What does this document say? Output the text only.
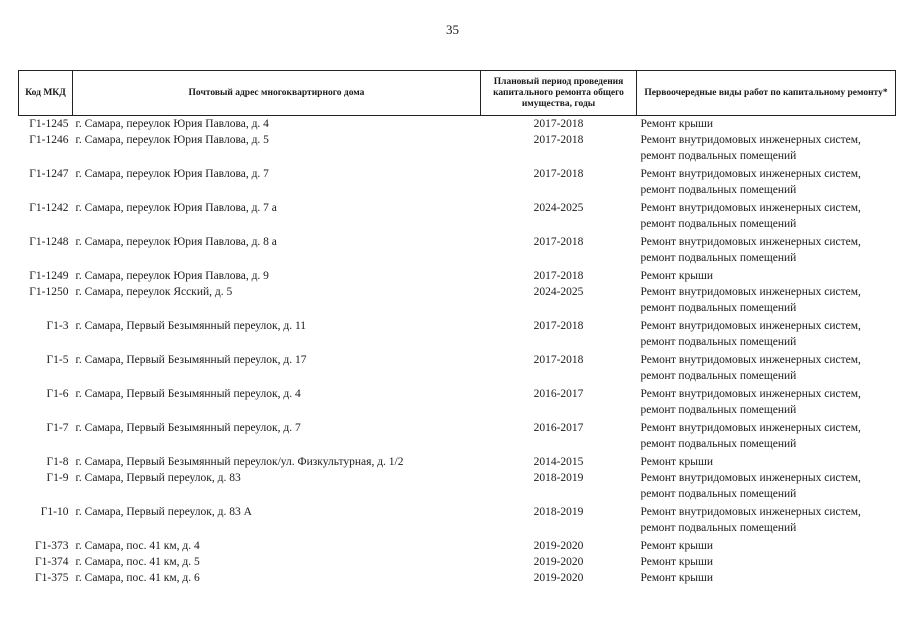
35
Код МКД	Почтовый адрес многоквартирного дома	Плановый период проведения капитального ремонта общего имущества, годы	Первоочередные виды работ по капитальному ремонту*
Г1-1245	г. Самара, переулок Юрия Павлова, д. 4	2017-2018	Ремонт крыши

Г1-1246	г. Самара, переулок Юрия Павлова, д. 5	2017-2018	Ремонт внутридомовых инженерных систем,
ремонт подвальных помещений

Г1-1247	г. Самара, переулок Юрия Павлова, д. 7	2017-2018	Ремонт внутридомовых инженерных систем,
ремонт подвальных помещений

Г1-1242	г. Самара, переулок Юрия Павлова, д. 7 а	2024-2025	Ремонт внутридомовых инженерных систем,
ремонт подвальных помещений

Г1-1248	г. Самара, переулок Юрия Павлова, д. 8 а	2017-2018	Ремонт внутридомовых инженерных систем,
ремонт подвальных помещений

Г1-1249	г. Самара, переулок Юрия Павлова, д. 9	2017-2018	Ремонт крыши

Г1-1250	г. Самара, переулок Ясский, д. 5	2024-2025	Ремонт внутридомовых инженерных систем,
ремонт подвальных помещений

Г1-3	г. Самара, Первый Безымянный переулок, д. 11	2017-2018	Ремонт внутридомовых инженерных систем,
ремонт подвальных помещений

Г1-5	г. Самара, Первый Безымянный переулок, д. 17	2017-2018	Ремонт внутридомовых инженерных систем,
ремонт подвальных помещений

Г1-6	г. Самара, Первый Безымянный переулок, д. 4	2016-2017	Ремонт внутридомовых инженерных систем,
ремонт подвальных помещений

Г1-7	г. Самара, Первый Безымянный переулок, д. 7	2016-2017	Ремонт внутридомовых инженерных систем,
ремонт подвальных помещений

Г1-8	г. Самара, Первый Безымянный переулок/ул. Физкультурная, д. 1/2	2014-2015	Ремонт крыши

Г1-9	г. Самара, Первый переулок, д. 83	2018-2019	Ремонт внутридомовых инженерных систем,
ремонт подвальных помещений

Г1-10	г. Самара, Первый переулок, д. 83 А	2018-2019	Ремонт внутридомовых инженерных систем,
ремонт подвальных помещений

Г1-373	г. Самара, пос. 41 км, д. 4	2019-2020	Ремонт крыши

Г1-374	г. Самара, пос. 41 км, д. 5	2019-2020	Ремонт крыши

Г1-375	г. Самара, пос. 41 км, д. 6	2019-2020	Ремонт крыши
